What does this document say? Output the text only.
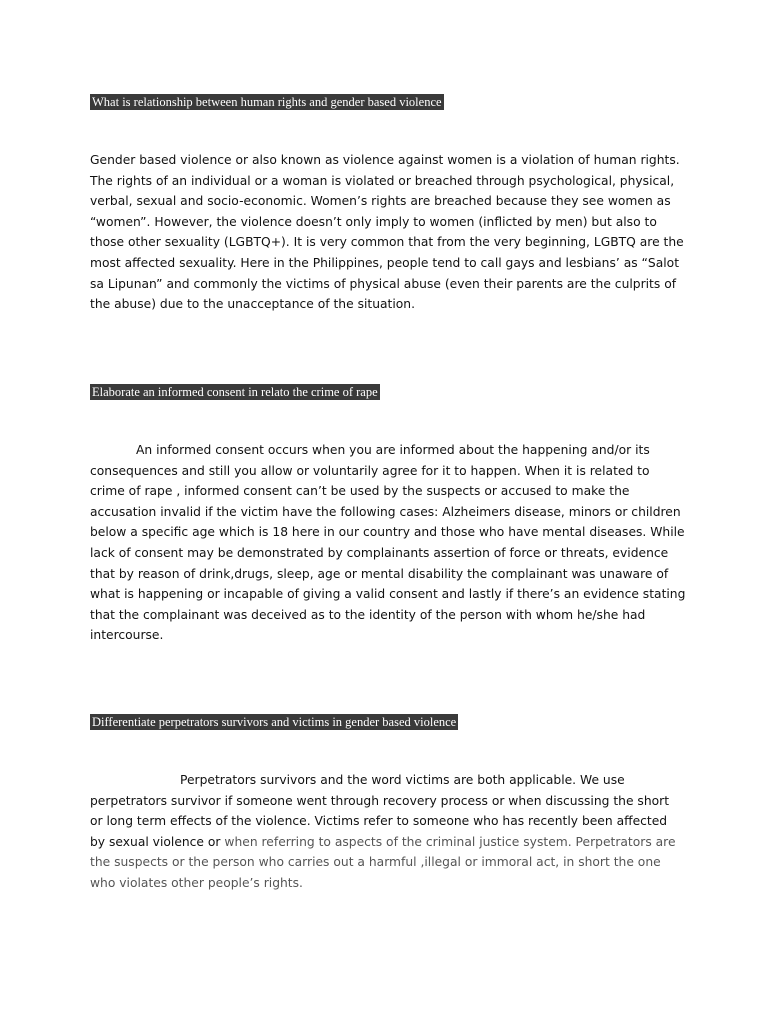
What is relationship between human rights and gender based violence
Gender based violence or also known as violence against women is a violation of human rights.
The rights of an individual or a woman is violated or breached through psychological, physical,
verbal, sexual and socio-economic. Women’s rights are breached because they see women as
“women”. However, the violence doesn’t only imply to women (inflicted by men) but also to
those other sexuality (LGBTQ+). It is very common that from the very beginning, LGBTQ are the
most affected sexuality. Here in the Philippines, people tend to call gays and lesbians’ as “Salot
sa Lipunan” and commonly the victims of physical abuse (even their parents are the culprits of
the abuse) due to the unacceptance of the situation.
Elaborate an informed consent in relato the crime of rape
An informed consent occurs when you are informed about the happening and/or its
consequences and still you allow or voluntarily agree for it to happen. When it is related to
crime of rape , informed consent can’t be used by the suspects or accused to make the
accusation invalid if the victim have the following cases: Alzheimers disease, minors or children
below a specific age which is 18 here in our country and those who have mental diseases. While
lack of consent may be demonstrated by complainants assertion of force or threats, evidence
that by reason of drink,drugs, sleep, age or mental disability the complainant was unaware of
what is happening or incapable of giving a valid consent and lastly if there’s an evidence stating
that the complainant was deceived as to the identity of the person with whom he/she had
intercourse.
Differentiate perpetrators survivors and victims in gender based violence
Perpetrators survivors and the word victims are both applicable. We use
perpetrators survivor if someone went through recovery process or when discussing the short
or long term effects of the violence. Victims refer to someone who has recently been affected
by sexual violence or when referring to aspects of the criminal justice system. Perpetrators are
the suspects or the person who carries out a harmful ,illegal or immoral act, in short the one
who violates other people’s rights.
